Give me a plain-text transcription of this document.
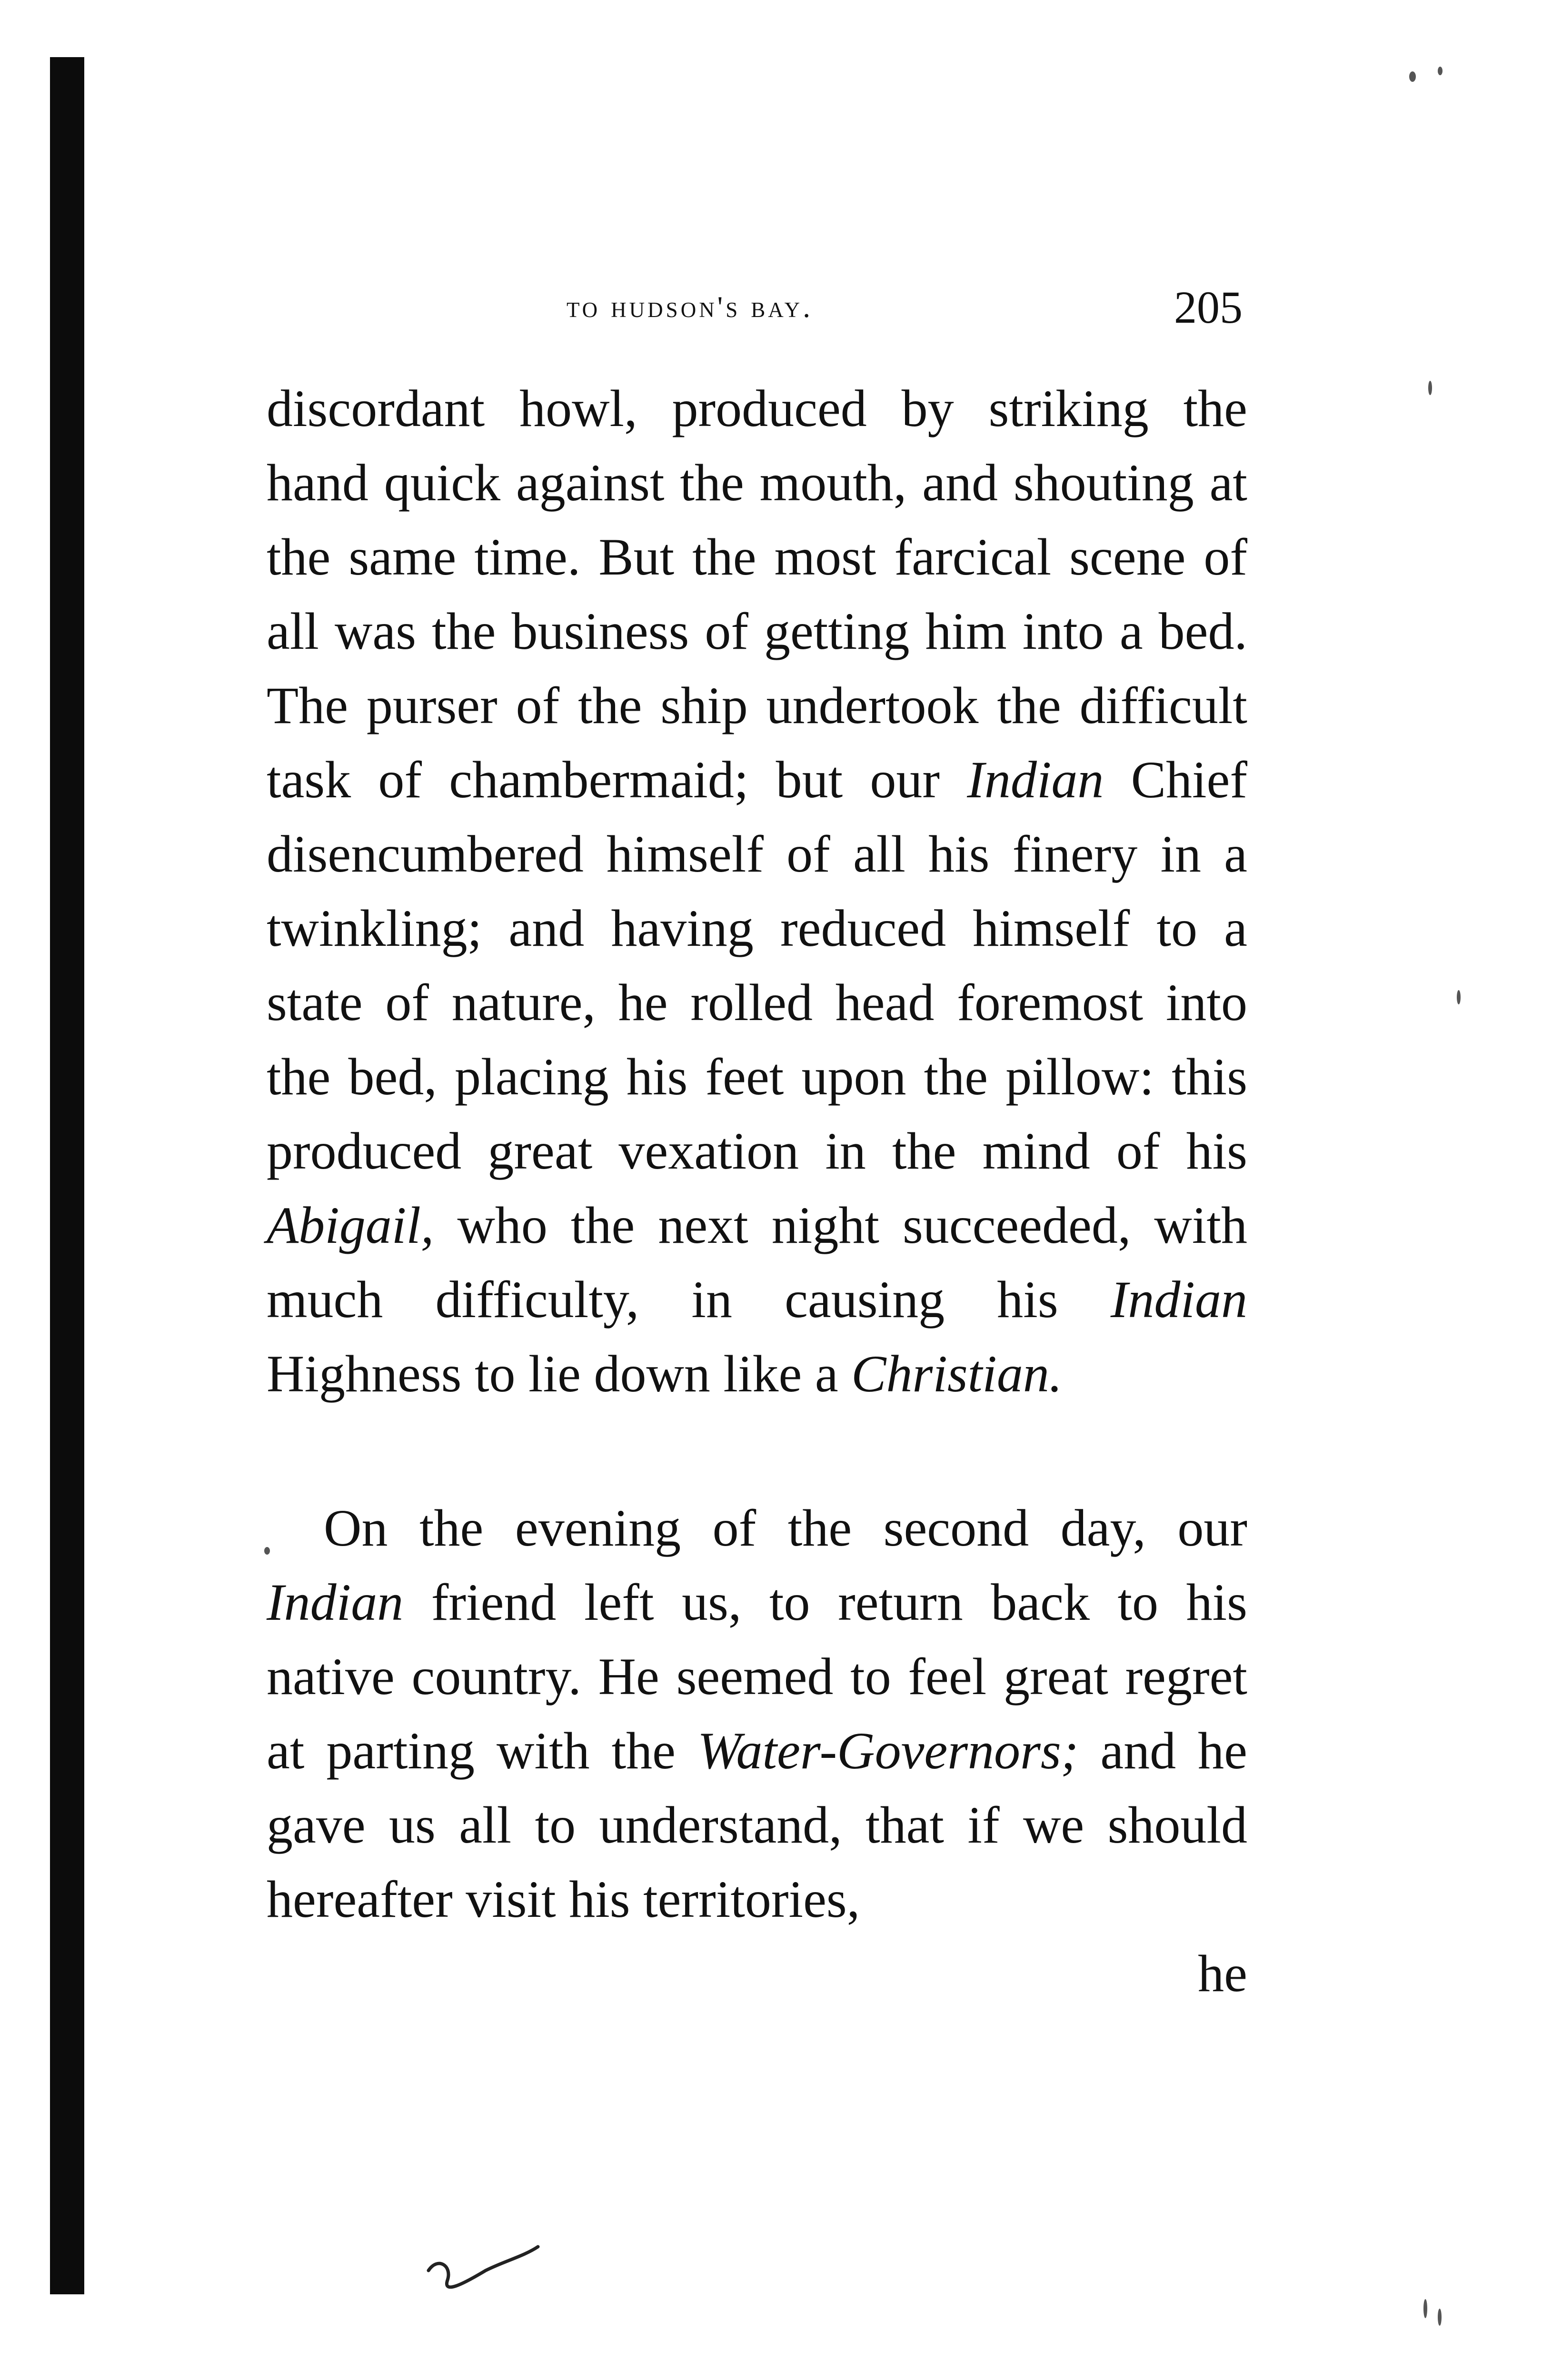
to hudson's bay.	205

discordant howl, produced by striking the hand quick against the mouth, and shouting at the same time. But the most farcical scene of all was the business of getting him into a bed. The purser of the ship undertook the difficult task of chambermaid; but our Indian Chief disencumbered himself of all his finery in a twinkling; and having reduced himself to a state of nature, he rolled head foremost into the bed, placing his feet upon the pillow: this produced great vexation in the mind of his Abigail, who the next night succeeded, with much difficulty, in causing his Indian Highness to lie down like a Christian.

On the evening of the second day, our Indian friend left us, to return back to his native country. He seemed to feel great regret at parting with the Water-Governors; and he gave us all to understand, that if we should hereafter visit his territories,

he
